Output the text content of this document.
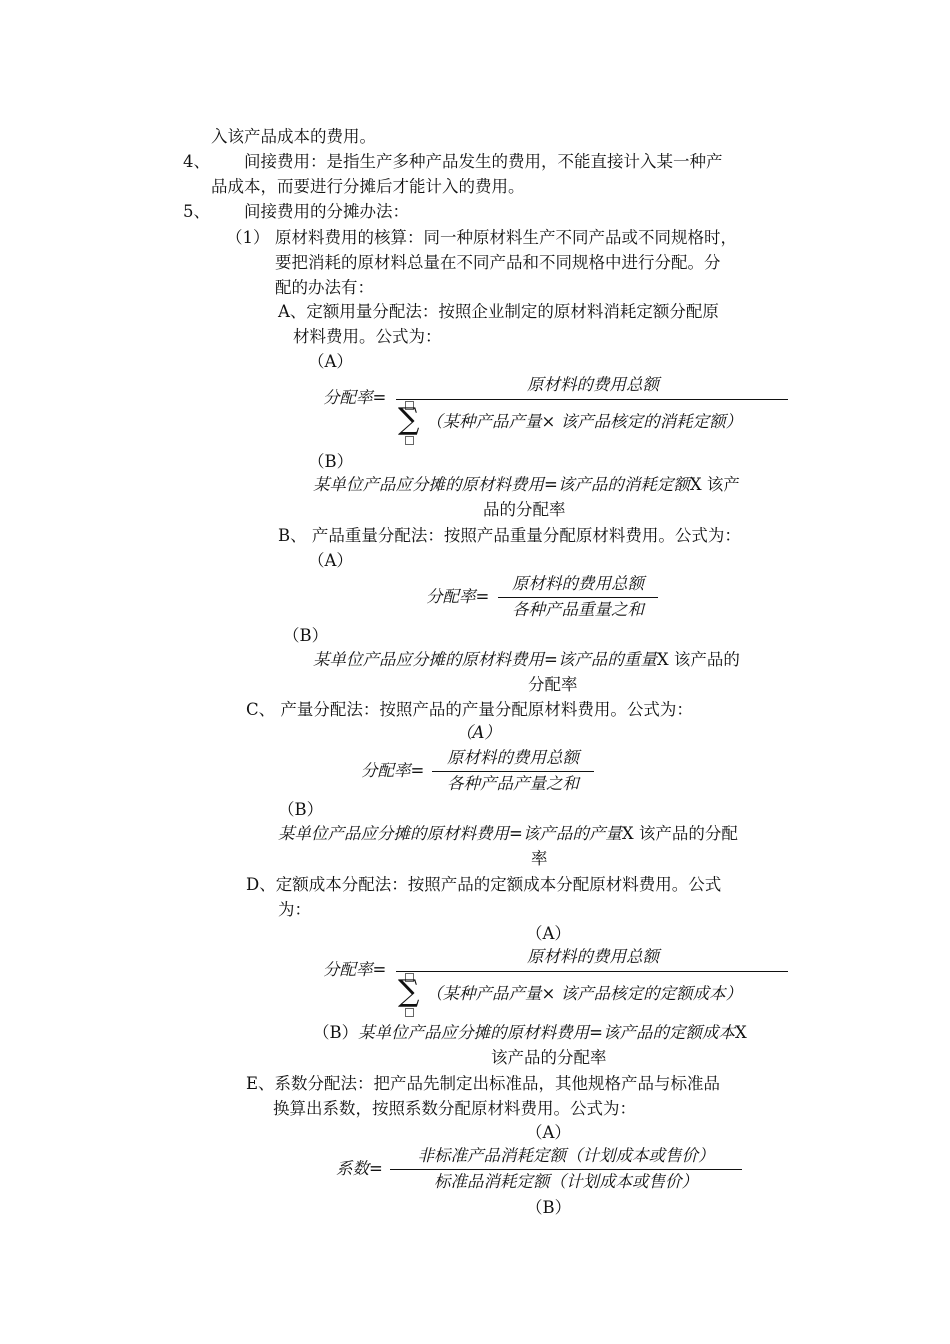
入该产品成本的费用。
4、 间接费用：是指生产多种产品发生的费用，不能直接计入某一种产
品成本，而要进行分摊后才能计入的费用。
5、 间接费用的分摊办法：
（1） 原材料费用的核算：同一种原材料生产不同产品或不同规格时，
要把消耗的原材料总量在不同产品和不同规格中进行分配。分
配的办法有：
A、定额用量分配法：按照企业制定的原材料消耗定额分配原
材料费用。公式为：
（A）
分配率=
原材料的费用总额
∑ （某种产品产量× 该产品核定的消耗定额）
（B）
某单位产品应分摊的原材料费用=该产品的消耗定额X 该产
品的分配率
B、 产品重量分配法：按照产品重量分配原材料费用。公式为：
（A）
分配率=
原材料的费用总额
各种产品重量之和
（B）
某单位产品应分摊的原材料费用=该产品的重量X 该产品的
分配率
C、 产量分配法：按照产品的产量分配原材料费用。公式为：
（A）
分配率=
原材料的费用总额
各种产品产量之和
（B）
某单位产品应分摊的原材料费用=该产品的产量X 该产品的分配
率
D、定额成本分配法：按照产品的定额成本分配原材料费用。公式
为：
（A）
分配率=
原材料的费用总额
∑ （某种产品产量× 该产品核定的定额成本）
（B）某单位产品应分摊的原材料费用=该产品的定额成本X
该产品的分配率
E、系数分配法：把产品先制定出标准品，其他规格产品与标准品
换算出系数，按照系数分配原材料费用。公式为：
（A）
系数=
非标准产品消耗定额（计划成本或售价）
标准品消耗定额（计划成本或售价）
（B）
